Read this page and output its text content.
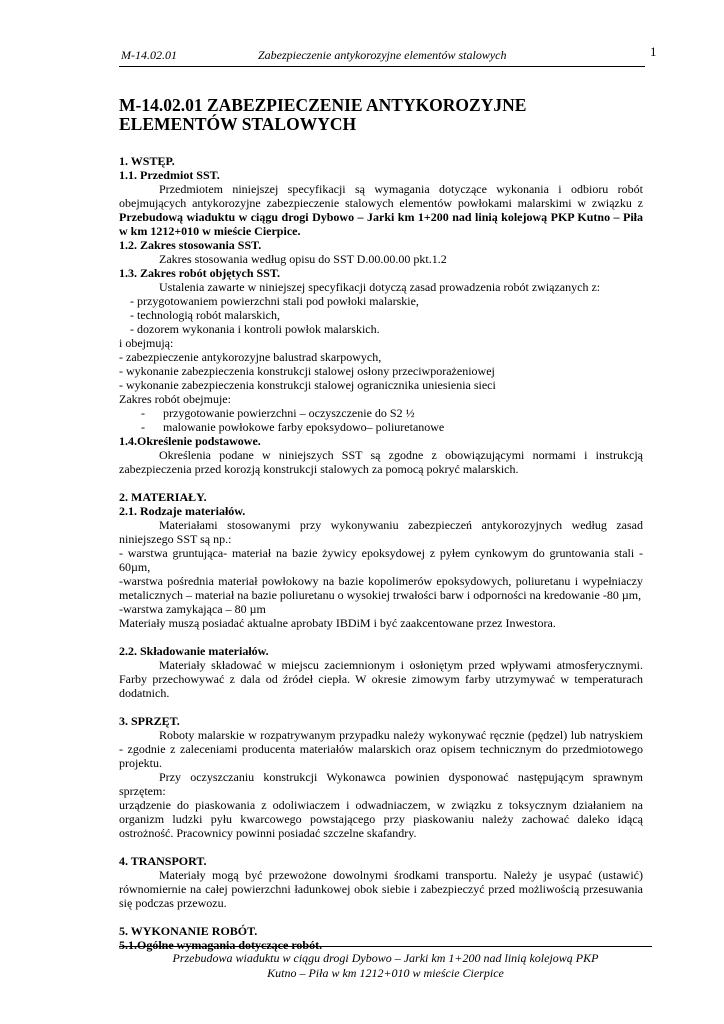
M-14.02.01	Zabezpieczenie antykorozyjne elementów stalowych	1
M-14.02.01 ZABEZPIECZENIE ANTYKOROZYJNE ELEMENTÓW STALOWYCH

1. WSTĘP.

1.1. Przedmiot SST.

Przedmiotem niniejszej specyfikacji są wymagania dotyczące wykonania i odbioru robót obejmujących antykorozyjne zabezpieczenie stalowych elementów powłokami malarskimi w związku z Przebudową wiaduktu w ciągu drogi Dybowo – Jarki km 1+200 nad linią kolejową PKP Kutno – Piła w km 1212+010 w mieście Cierpice.

1.2. Zakres stosowania SST.

Zakres stosowania według opisu do SST D.00.00.00 pkt.1.2

1.3. Zakres robót objętych SST.

Ustalenia zawarte w niniejszej specyfikacji dotyczą zasad prowadzenia robót związanych z:

- przygotowaniem powierzchni stali pod powłoki malarskie,

- technologią robót malarskich,

- dozorem wykonania i kontroli powłok malarskich.

i obejmują:

- zabezpieczenie antykorozyjne balustrad skarpowych,

- wykonanie zabezpieczenia konstrukcji stalowej osłony przeciwporażeniowej

- wykonanie zabezpieczenia konstrukcji stalowej ogranicznika uniesienia sieci

Zakres robót obejmuje:

-      przygotowanie powierzchni – oczyszczenie do S2 ½

-      malowanie powłokowe farby epoksydowo– poliuretanowe

1.4.Określenie podstawowe.

Określenia podane w niniejszych SST są zgodne z obowiązującymi normami i instrukcją zabezpieczenia przed korozją konstrukcji stalowych za pomocą pokryć malarskich.

2. MATERIAŁY.

2.1. Rodzaje materiałów.

Materiałami stosowanymi przy wykonywaniu zabezpieczeń antykorozyjnych według zasad niniejszego SST są np.:

- warstwa gruntująca- materiał na bazie żywicy epoksydowej z pyłem cynkowym do gruntowania stali - 60µm,

-warstwa pośrednia materiał powłokowy na bazie kopolimerów epoksydowych, poliuretanu i wypełniaczy metalicznych – materiał na bazie poliuretanu o wysokiej trwałości barw i odporności na kredowanie -80 µm,

-warstwa zamykająca – 80 µm

Materiały muszą posiadać aktualne aprobaty IBDiM i być zaakcentowane przez Inwestora.

2.2. Składowanie materiałów.

Materiały składować w miejscu zaciemnionym i osłoniętym przed wpływami atmosferycznymi. Farby przechowywać z dala od źródeł ciepła. W okresie zimowym farby utrzymywać w temperaturach dodatnich.

3. SPRZĘT.

Roboty malarskie w rozpatrywanym przypadku należy wykonywać ręcznie (pędzel) lub natryskiem - zgodnie z zaleceniami producenta materiałów malarskich oraz opisem technicznym do przedmiotowego projektu.

Przy oczyszczaniu konstrukcji Wykonawca powinien dysponować następującym sprawnym sprzętem:

urządzenie do piaskowania z odoliwiaczem i odwadniaczem, w związku z toksycznym działaniem na organizm ludzki pyłu kwarcowego powstającego przy piaskowaniu należy zachować daleko idącą ostrożność. Pracownicy powinni posiadać szczelne skafandry.

4. TRANSPORT.

Materiały mogą być przewożone dowolnymi środkami transportu. Należy je usypać (ustawić) równomiernie na całej powierzchni ładunkowej obok siebie i zabezpieczyć przed możliwością przesuwania się podczas przewozu.

5. WYKONANIE ROBÓT.

5.1.Ogólne wymagania dotyczące robót.

Przebudowa wiaduktu w ciągu drogi Dybowo – Jarki km 1+200 nad linią kolejową PKP
Kutno – Piła w km 1212+010 w mieście Cierpice
